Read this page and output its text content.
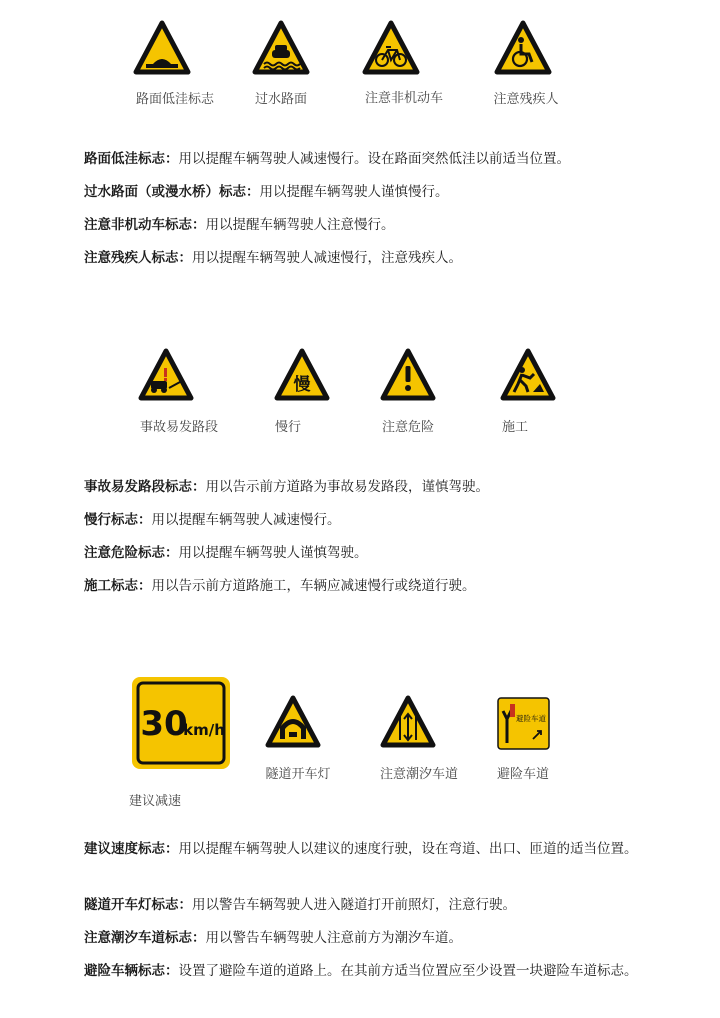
路面低洼标志	过水路面	注意非机动车	注意残疾人
路面低洼标志：用以提醒车辆驾驶人减速慢行。设在路面突然低洼以前适当位置。
过水路面（或漫水桥）标志：用以提醒车辆驾驶人谨慎慢行。
注意非机动车标志：用以提醒车辆驾驶人注意慢行。
注意残疾人标志：用以提醒车辆驾驶人减速慢行，注意残疾人。
事故易发路段
慢
慢行	注意危险	施工
事故易发路段标志：用以告示前方道路为事故易发路段，谨慎驾驶。
慢行标志：用以提醒车辆驾驶人减速慢行。
注意危险标志：用以提醒车辆驾驶人谨慎驾驶。
施工标志：用以告示前方道路施工，车辆应减速慢行或绕道行驶。
30
km/h
建议减速
隧道开车灯	注意潮汐车道
避险车道
避险车道
建议速度标志：用以提醒车辆驾驶人以建议的速度行驶，设在弯道、出口、匝道的适当位置。
隧道开车灯标志：用以警告车辆驾驶人进入隧道打开前照灯，注意行驶。
注意潮汐车道标志：用以警告车辆驾驶人注意前方为潮汐车道。
避险车辆标志：设置了避险车道的道路上。在其前方适当位置应至少设置一块避险车道标志。
